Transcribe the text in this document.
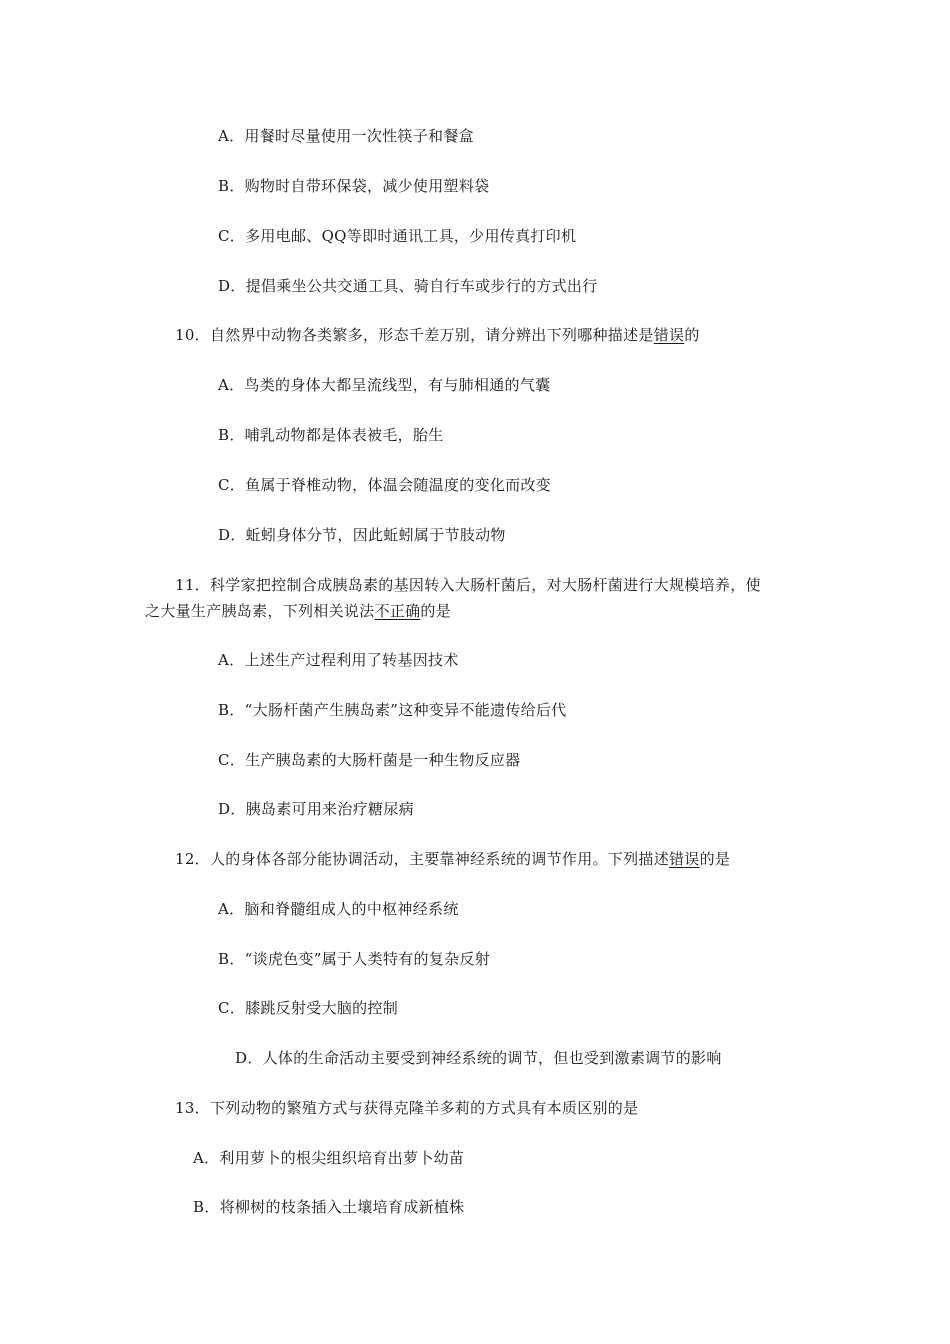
A．用餐时尽量使用一次性筷子和餐盒
B．购物时自带环保袋，减少使用塑料袋
C．多用电邮、QQ等即时通讯工具，少用传真打印机
D．提倡乘坐公共交通工具、骑自行车或步行的方式出行
10．自然界中动物各类繁多，形态千差万别，请分辨出下列哪种描述是错误的
A．鸟类的身体大都呈流线型，有与肺相通的气囊
B．哺乳动物都是体表被毛，胎生
C．鱼属于脊椎动物，体温会随温度的变化而改变
D．蚯蚓身体分节，因此蚯蚓属于节肢动物
11．科学家把控制合成胰岛素的基因转入大肠杆菌后，对大肠杆菌进行大规模培养，使
之大量生产胰岛素，下列相关说法不正确的是
A．上述生产过程利用了转基因技术
B．“大肠杆菌产生胰岛素”这种变异不能遗传给后代
C．生产胰岛素的大肠杆菌是一种生物反应器
D．胰岛素可用来治疗糖尿病
12．人的身体各部分能协调活动，主要靠神经系统的调节作用。下列描述错误的是
A．脑和脊髓组成人的中枢神经系统
B．“谈虎色变”属于人类特有的复杂反射
C．膝跳反射受大脑的控制
D．人体的生命活动主要受到神经系统的调节，但也受到激素调节的影响
13．下列动物的繁殖方式与获得克隆羊多莉的方式具有本质区别的是
A．利用萝卜的根尖组织培育出萝卜幼苗
B．将柳树的枝条插入土壤培育成新植株
